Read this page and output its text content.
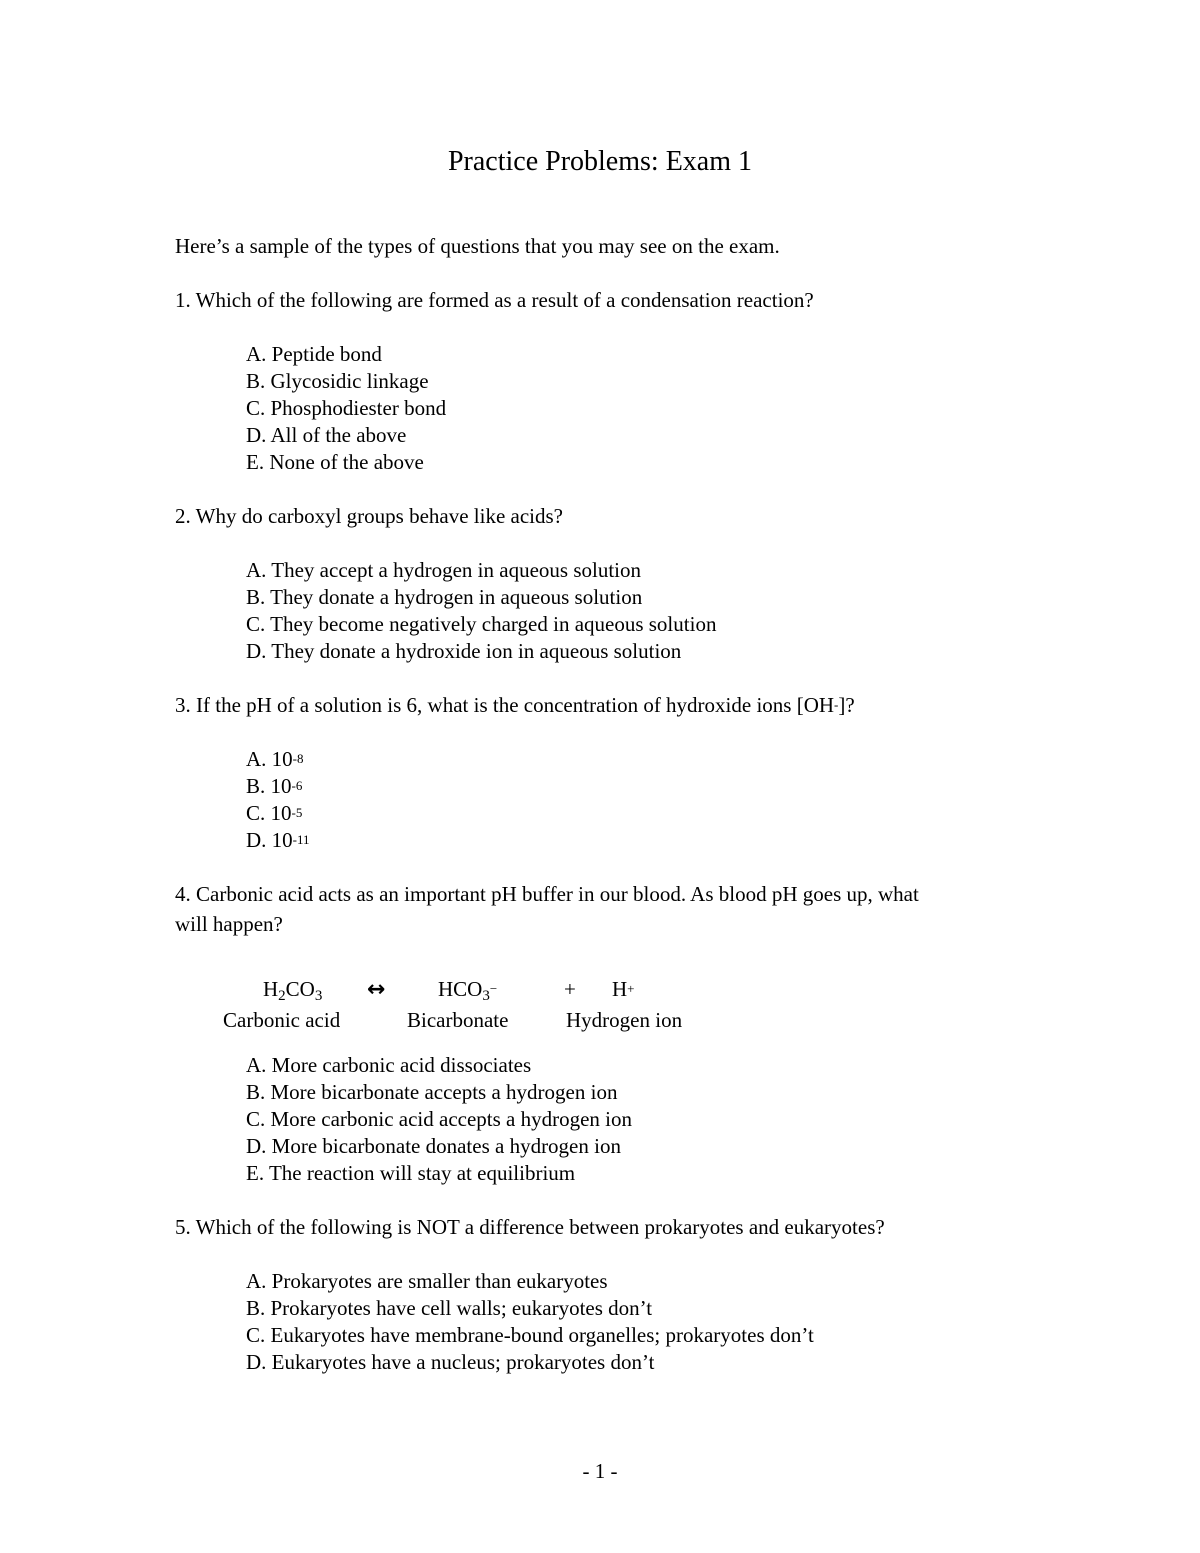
Practice Problems: Exam 1
Here’s a sample of the types of questions that you may see on the exam.
1. Which of the following are formed as a result of a condensation reaction?
A. Peptide bond
B. Glycosidic linkage
C. Phosphodiester bond
D. All of the above
E. None of the above
2. Why do carboxyl groups behave like acids?
A. They accept a hydrogen in aqueous solution
B. They donate a hydrogen in aqueous solution
C. They become negatively charged in aqueous solution
D. They donate a hydroxide ion in aqueous solution
3. If the pH of a solution is 6, what is the concentration of hydroxide ions [OH-]?
A. $10^{-8}$
B. $10^{-6}$
C. $10^{-5}$
D. $10^{-11}$
4. Carbonic acid acts as an important pH buffer in our blood. As blood pH goes up, what
will happen?
$H_2CO_3$ ↔	$HCO_3^-$	+ H+
Carbonic acid	Bicarbonate	Hydrogen ion
A. More carbonic acid dissociates
B. More bicarbonate accepts a hydrogen ion
C. More carbonic acid accepts a hydrogen ion
D. More bicarbonate donates a hydrogen ion
E. The reaction will stay at equilibrium
5. Which of the following is NOT a difference between prokaryotes and eukaryotes?
A. Prokaryotes are smaller than eukaryotes
B. Prokaryotes have cell walls; eukaryotes don’t
C. Eukaryotes have membrane-bound organelles; prokaryotes don’t
D. Eukaryotes have a nucleus; prokaryotes don’t
- 1 -
